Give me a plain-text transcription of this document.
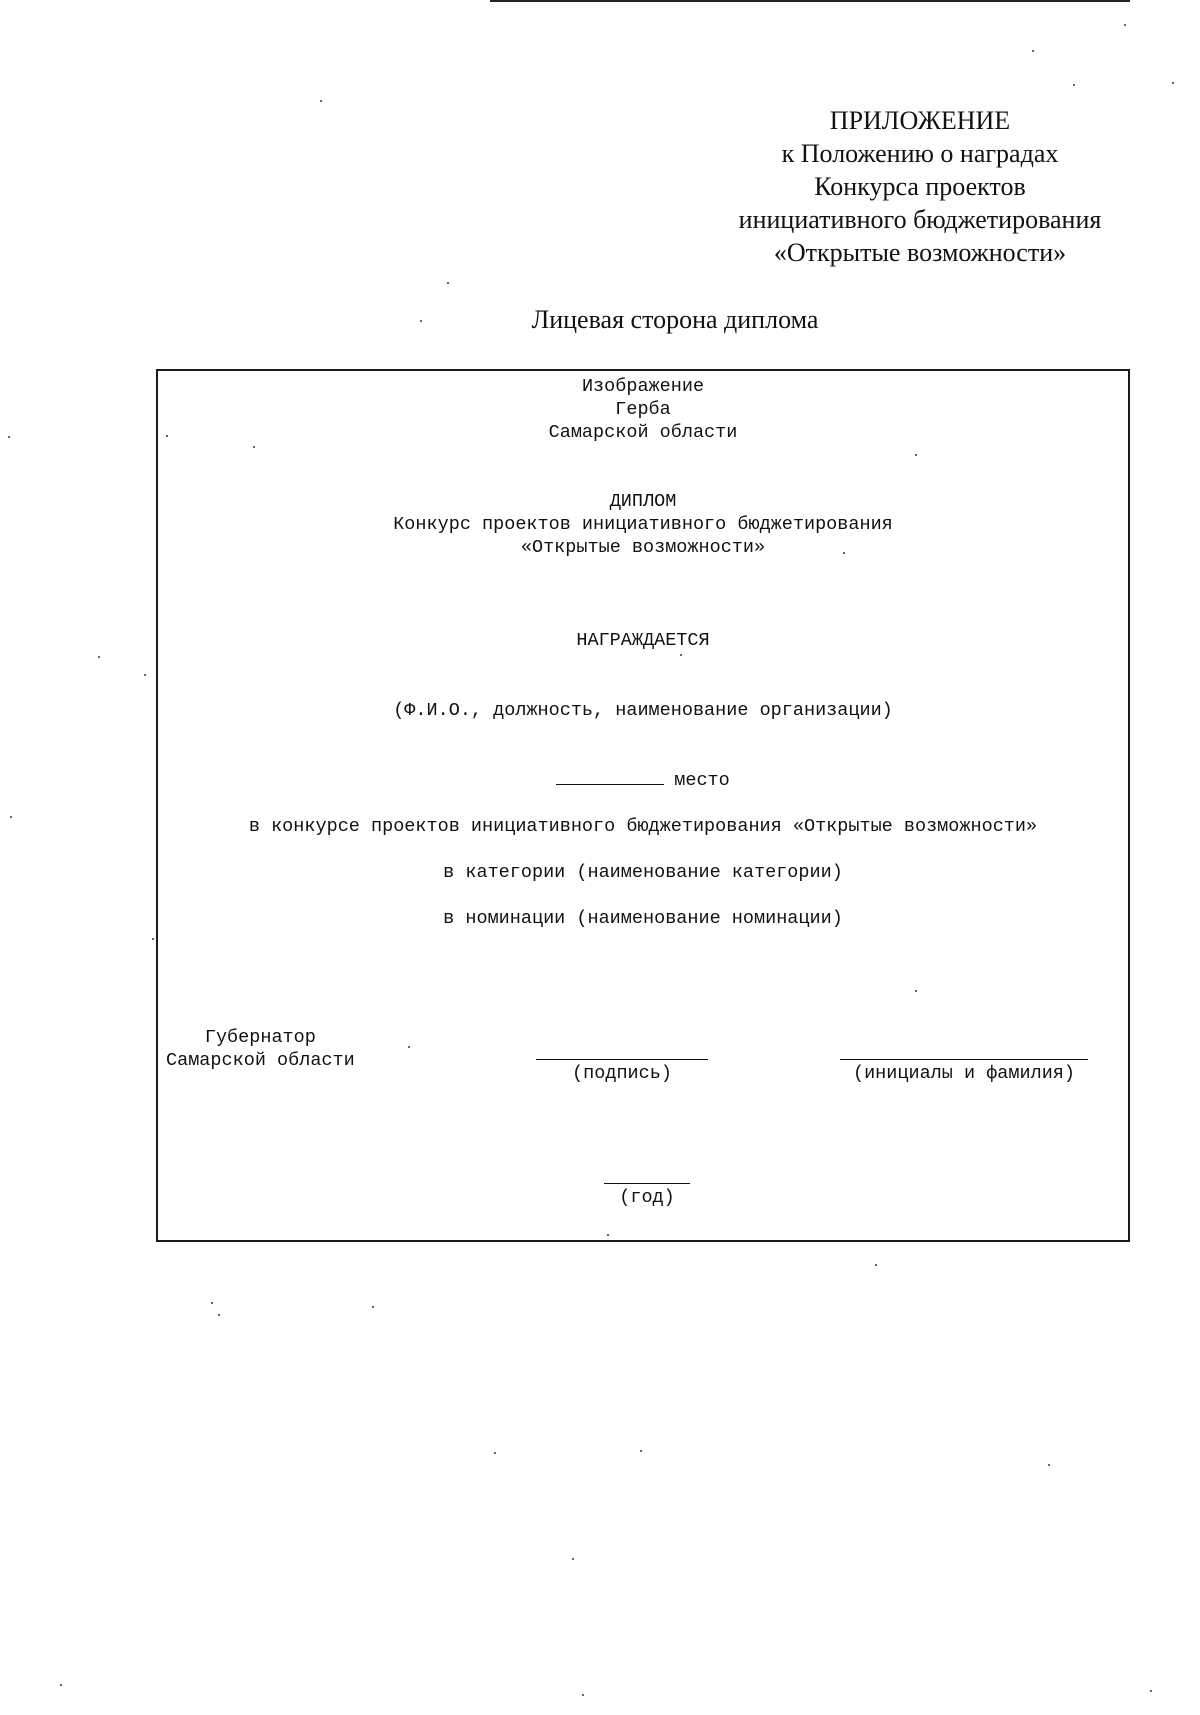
ПРИЛОЖЕНИЕ
к Положению о наградах
Конкурса проектов
инициативного бюджетирования
«Открытые возможности»
Лицевая сторона диплома
Изображение
Герба
Самарской области
ДИПЛОМ
Конкурс проектов инициативного бюджетирования
«Открытые возможности»
НАГРАЖДАЕТСЯ
(Ф.И.О., должность, наименование организации)
место
в конкурсе проектов инициативного бюджетирования «Открытые возможности»
в категории (наименование категории)
в номинации (наименование номинации)
Губернатор
Самарской области
(подпись)	(инициалы и фамилия)
(год)
